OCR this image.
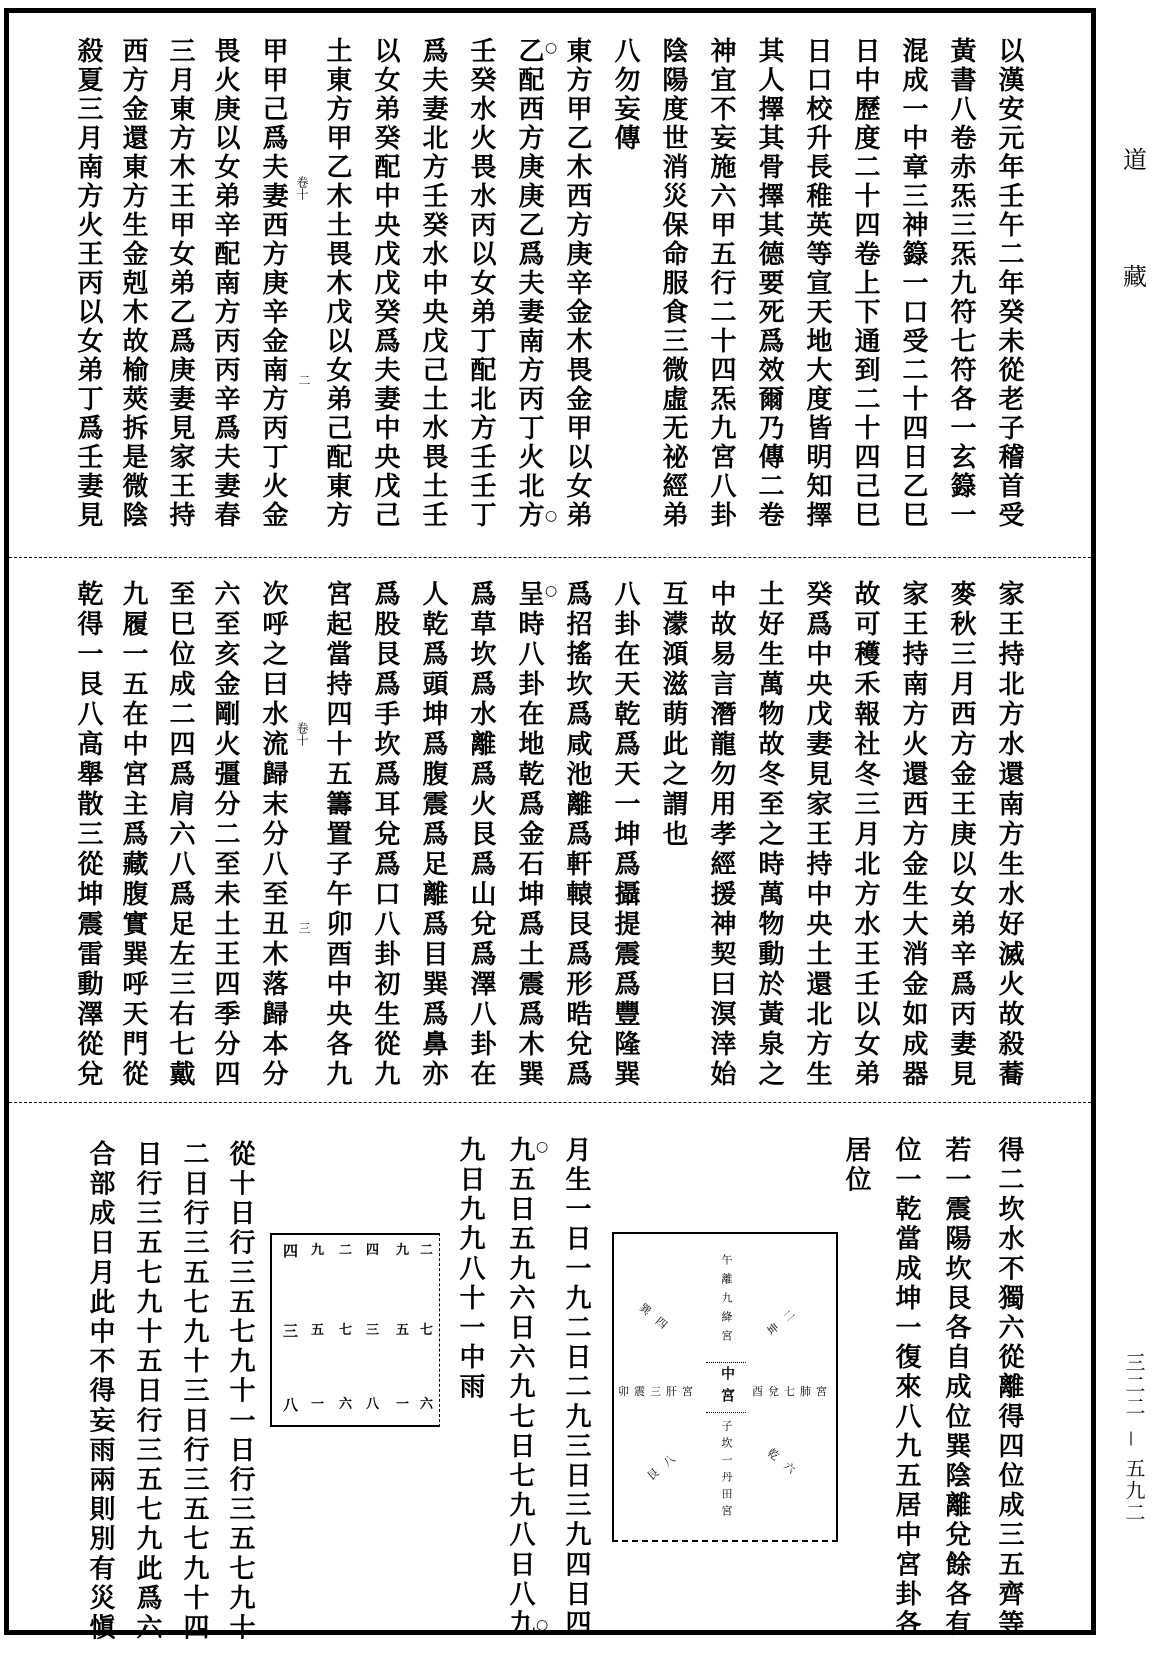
道
藏
三二二
|
五九二
以漢安元年壬午二年癸未從老子稽首受
黃書八卷赤炁三炁九符七符各一玄籙一
混成一中章三神籙一口受二十四日乙巳
日中歷度二十四卷上下通到二十四己巳
日口校升長稚英等宣天地大度皆明知擇
其人擇其骨擇其德要死爲效爾乃傳二卷
神宜不妄施六甲五行二十四炁九宮八卦
陰陽度世消災保命服食三微虛无祕經弟
八勿妄傳
東方甲乙木西方庚辛金木畏金甲以女弟
乙配西方庚庚乙爲夫妻南方丙丁火北方 ○
○
壬癸水火畏水丙以女弟丁配北方壬壬丁
爲夫妻北方壬癸水中央戊己土水畏土壬
以女弟癸配中央戊戊癸爲夫妻中央戊己
土東方甲乙木土畏木戊以女弟己配東方
甲甲己爲夫妻西方庚辛金南方丙丁火金
畏火庚以女弟辛配南方丙丙辛爲夫妻春
三月東方木王甲女弟乙爲庚妻見家王持
西方金還東方生金剋木故榆莢拆是微陰
殺夏三月南方火王丙以女弟丁爲壬妻見
家王持北方水還南方生水好滅火故殺蕎
麥秋三月西方金王庚以女弟辛爲丙妻見
家王持南方火還西方金生大消金如成器
故可穫禾報社冬三月北方水王壬以女弟
癸爲中央戊妻見家王持中央土還北方生
土好生萬物故冬至之時萬物動於黃泉之
中故易言潛龍勿用孝經援神契曰溟涬始
互濛澒滋萌此之謂也
八卦在天乾爲天一坤爲攝提震爲豐隆巽
爲招搖坎爲咸池離爲軒轅艮爲形晧兌爲
呈時八卦在地乾爲金石坤爲土震爲木巽 ○
爲草坎爲水離爲火艮爲山兌爲澤八卦在
人乾爲頭坤爲腹震爲足離爲目巽爲鼻亦
爲股艮爲手坎爲耳兌爲口八卦初生從九
宮起當持四十五籌置子午卯酉中央各九
次呼之曰水流歸末分八至丑木落歸本分
六至亥金剛火彊分二至未土王四季分四
至巳位成二四爲肩六八爲足左三右七戴
九履一五在中宮主爲藏腹實巽呼天門從
乾得一艮八高舉散三從坤震雷動澤從兌
得二坎水不獨六從離得四位成三五齊等
若一震陽坎艮各自成位巽陰離兌餘各有
位一乾當成坤一復來八九五居中宮卦各
居位
月生一日一九二日二九三日三九四日四
九五日五九六日六九七日七九八日八九 ○
○
九日九九八十一中雨
從十日行三五七九十一日行三五七九十
二日行三五七九十三日行三五七九十四
日行三五七九十五日行三五七九此爲六
合部成日月此中不得妄雨兩則別有災愼
卷十
二
卷十
三
中宮
午離九絳宮
子坎一丹田宮
卯震三肝宮	酉兌七肺宮
巽四	坤二
艮八	乾六
四 九 二 四 九 二
三 五 七 三 五 七
八 一 六 八 一 六
